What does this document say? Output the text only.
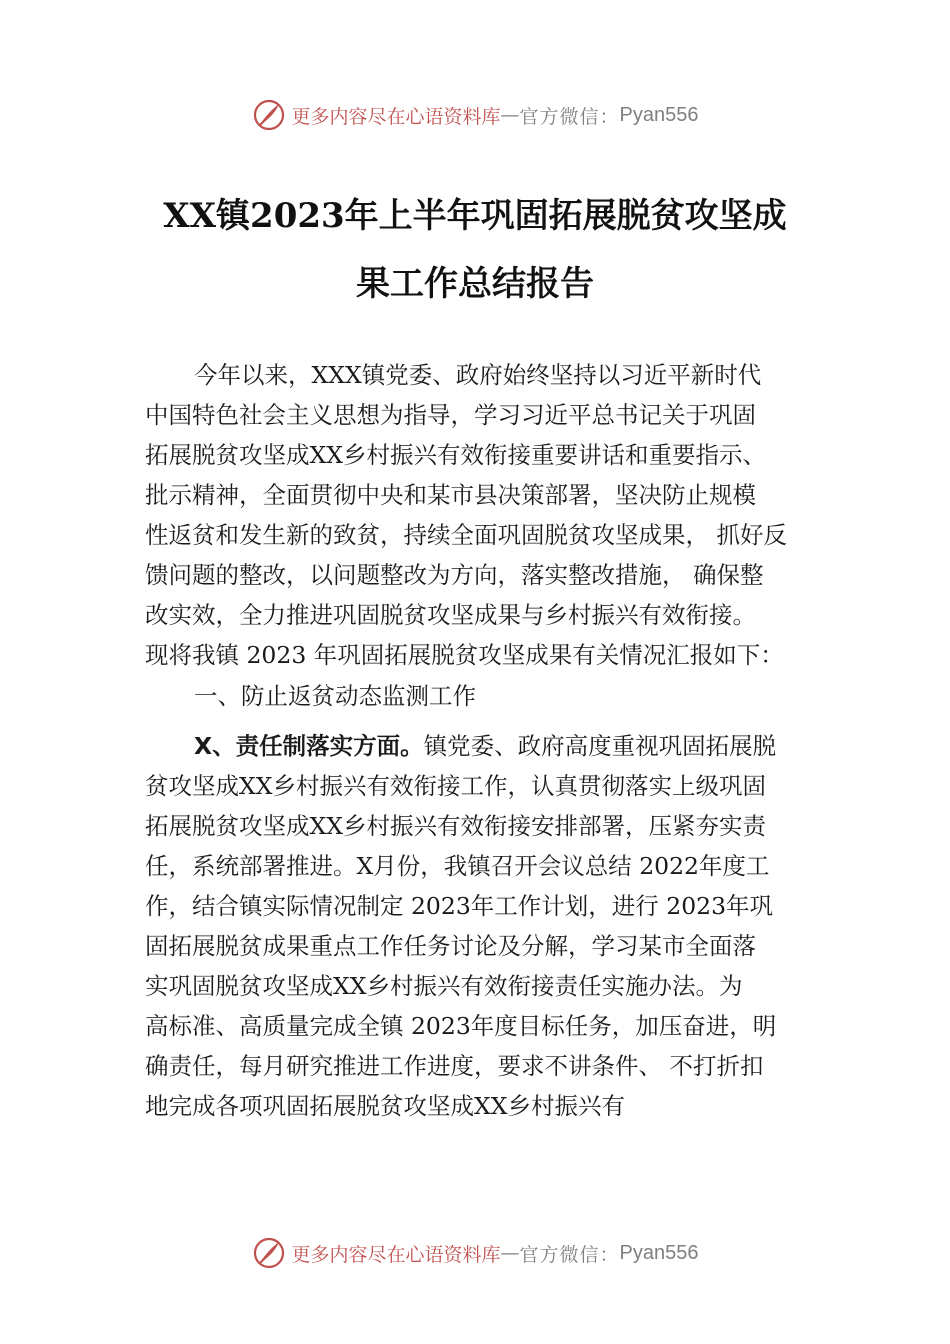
更多内容尽在心语资料库 — 官方微信： Pyan556
XX镇2023年上半年巩固拓展脱贫攻坚成
果工作总结报告
今年以来，XXX镇党委、政府始终坚持以习近平新时代
中国特色社会主义思想为指导，学习习近平总书记关于巩固
拓展脱贫攻坚成XX乡村振兴有效衔接重要讲话和重要指示、
批示精神，全面贯彻中央和某市县决策部署，坚决防止规模
性返贫和发生新的致贫，持续全面巩固脱贫攻坚成果， 抓好反
馈问题的整改，以问题整改为方向，落实整改措施， 确保整
改实效，全力推进巩固脱贫攻坚成果与乡村振兴有效衔接。
现将我镇 2023 年巩固拓展脱贫攻坚成果有关情况汇报如下：
一、防止返贫动态监测工作
X、责任制落实方面。镇党委、政府高度重视巩固拓展脱
贫攻坚成XX乡村振兴有效衔接工作，认真贯彻落实上级巩固
拓展脱贫攻坚成XX乡村振兴有效衔接安排部署，压紧夯实责
任，系统部署推进。X月份，我镇召开会议总结 2022年度工
作，结合镇实际情况制定 2023年工作计划，进行 2023年巩
固拓展脱贫成果重点工作任务讨论及分解，学习某市全面落
实巩固脱贫攻坚成XX乡村振兴有效衔接责任实施办法。为
高标准、高质量完成全镇 2023年度目标任务，加压奋进，明
确责任，每月研究推进工作进度，要求不讲条件、 不打折扣
地完成各项巩固拓展脱贫攻坚成XX乡村振兴有
更多内容尽在心语资料库 — 官方微信： Pyan556
